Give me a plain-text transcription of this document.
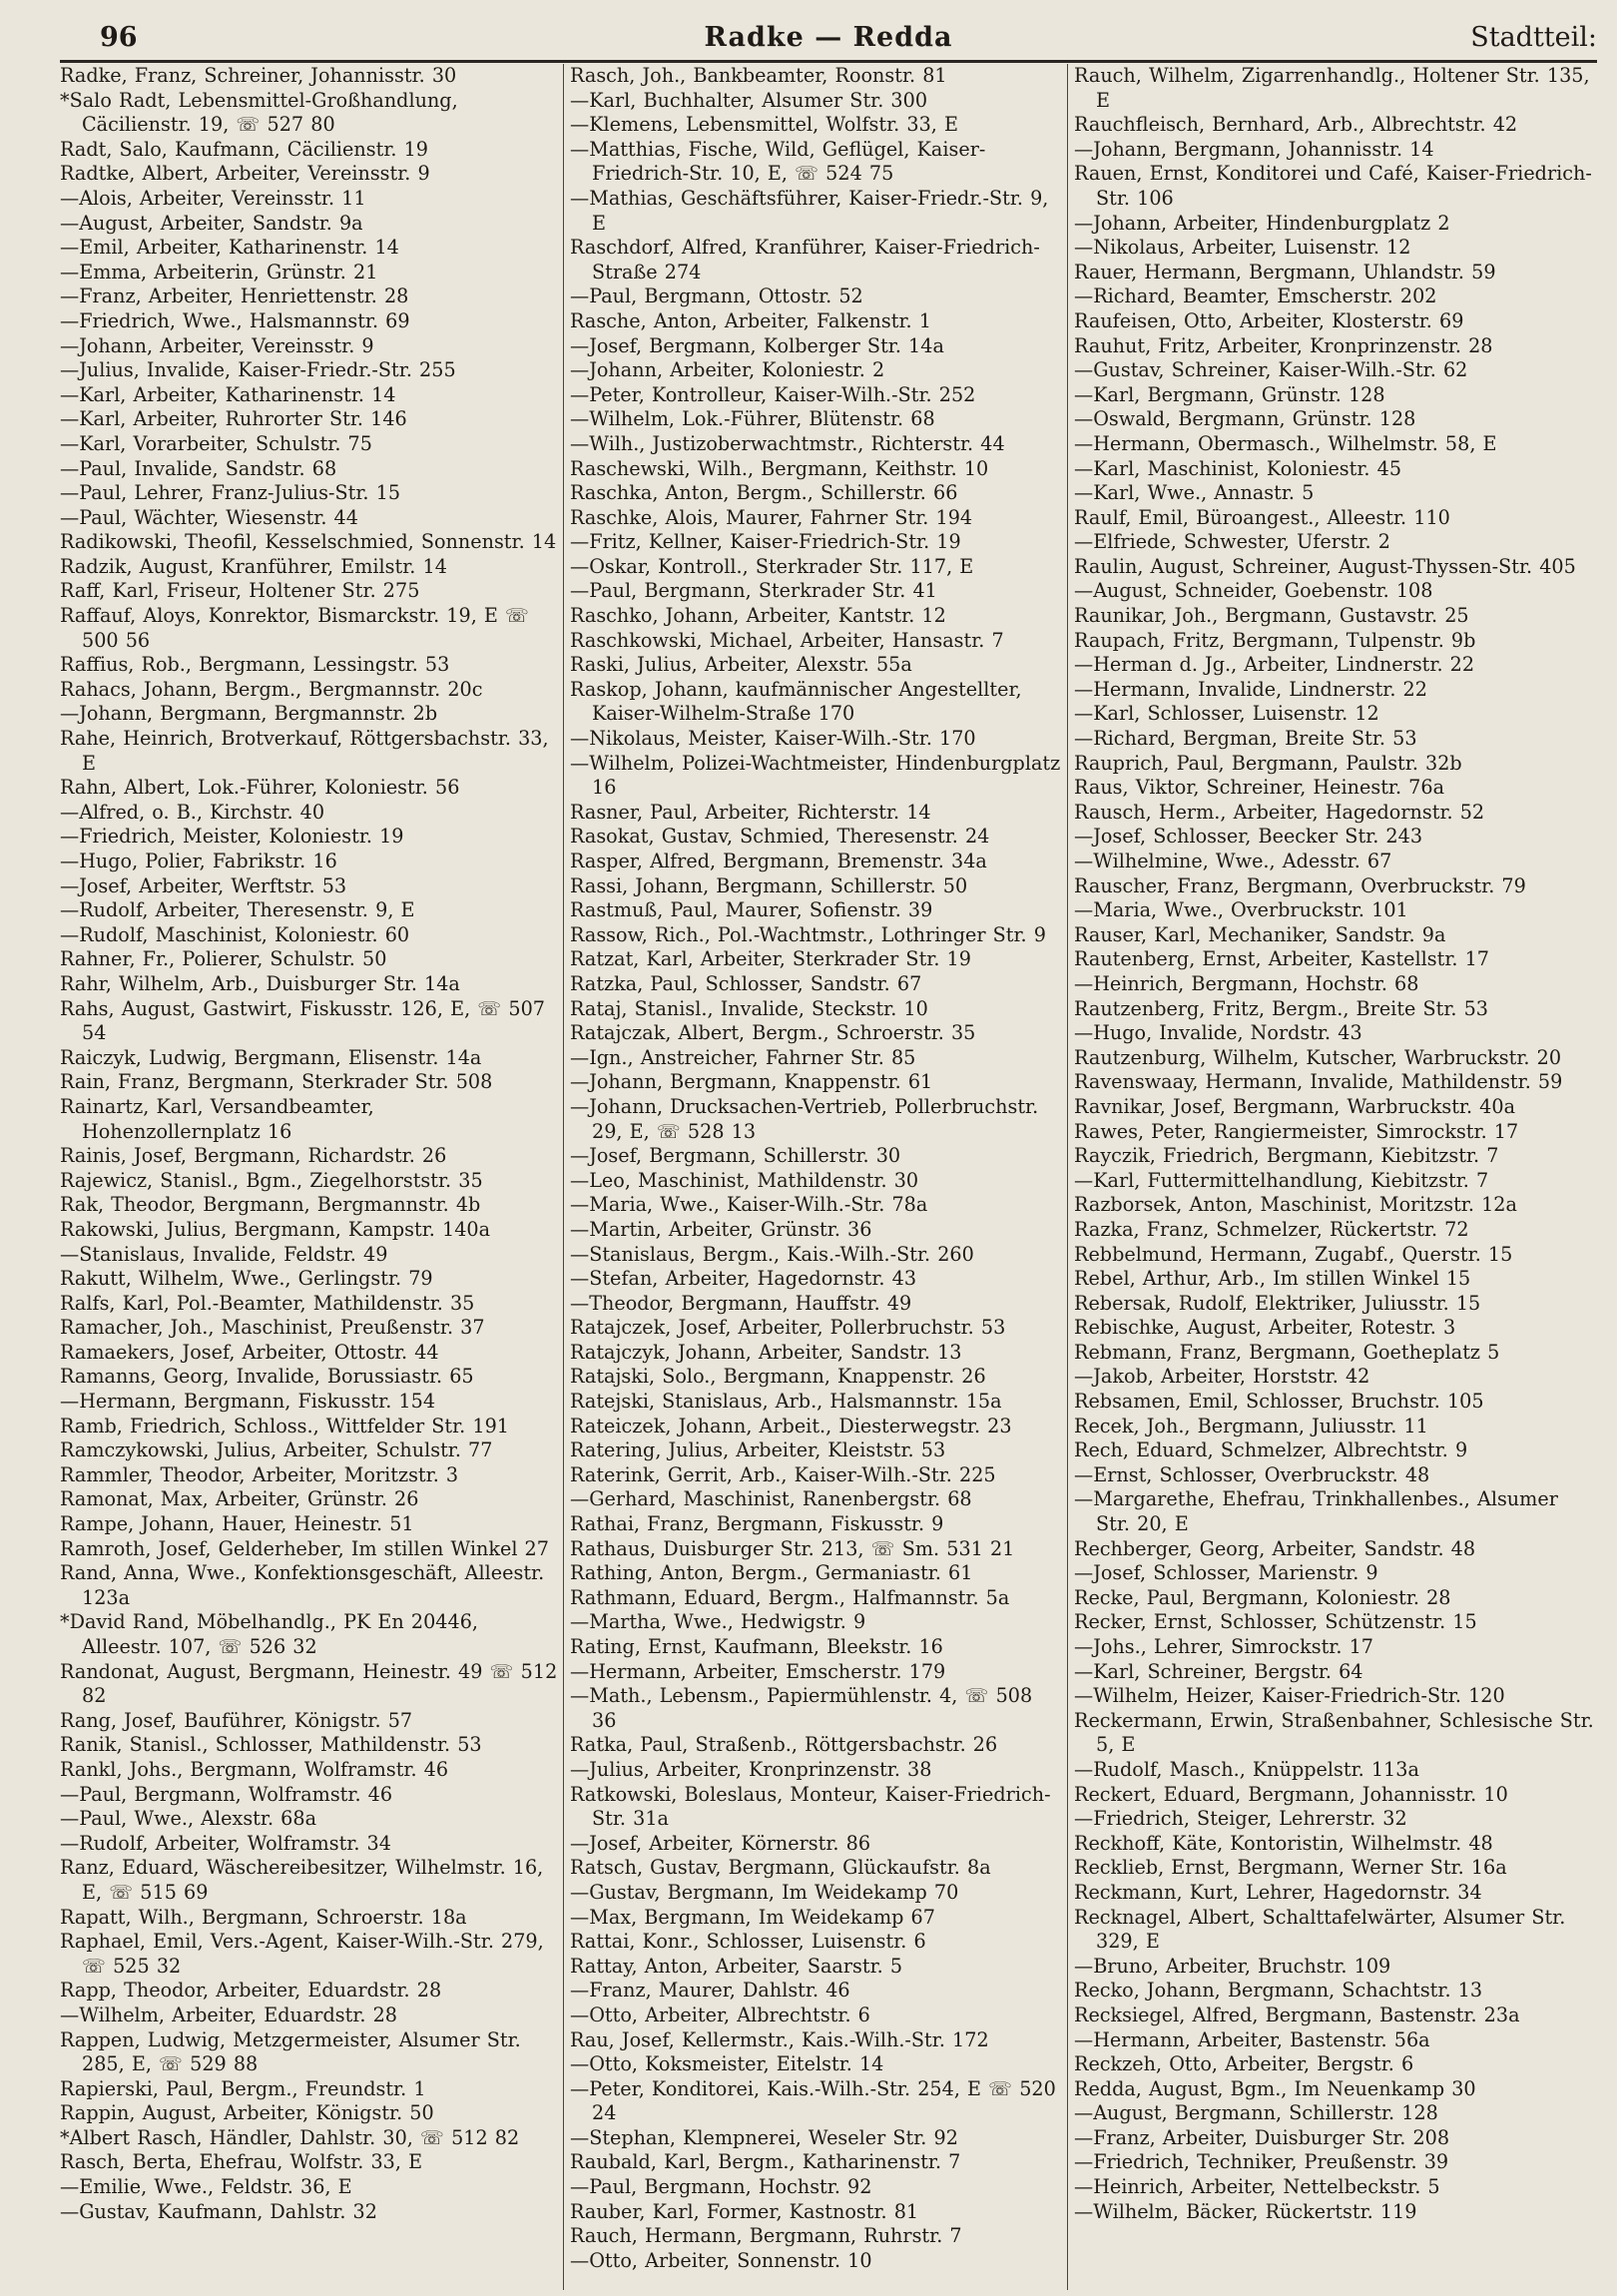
96	Radke — Redda	Stadtteil:
Radke, Franz, Schreiner, Johannisstr. 30
*Salo Radt, Lebensmittel-Großhandlung, Cäcilienstr. 19, ☏ 527 80
Radt, Salo, Kaufmann, Cäcilienstr. 19
Radtke, Albert, Arbeiter, Vereinsstr. 9
—Alois, Arbeiter, Vereinsstr. 11
—August, Arbeiter, Sandstr. 9a
—Emil, Arbeiter, Katharinenstr. 14
—Emma, Arbeiterin, Grünstr. 21
—Franz, Arbeiter, Henriettenstr. 28
—Friedrich, Wwe., Halsmannstr. 69
—Johann, Arbeiter, Vereinsstr. 9
—Julius, Invalide, Kaiser-Friedr.-Str. 255
—Karl, Arbeiter, Katharinenstr. 14
—Karl, Arbeiter, Ruhrorter Str. 146
—Karl, Vorarbeiter, Schulstr. 75
—Paul, Invalide, Sandstr. 68
—Paul, Lehrer, Franz-Julius-Str. 15
—Paul, Wächter, Wiesenstr. 44
Radikowski, Theofil, Kesselschmied, Sonnenstr. 14
Radzik, August, Kranführer, Emilstr. 14
Raff, Karl, Friseur, Holtener Str. 275
Raffauf, Aloys, Konrektor, Bismarckstr. 19, E ☏ 500 56
Raffius, Rob., Bergmann, Lessingstr. 53
Rahacs, Johann, Bergm., Bergmannstr. 20c
—Johann, Bergmann, Bergmannstr. 2b
Rahe, Heinrich, Brotverkauf, Röttgersbachstr. 33, E
Rahn, Albert, Lok.-Führer, Koloniestr. 56
—Alfred, o. B., Kirchstr. 40
—Friedrich, Meister, Koloniestr. 19
—Hugo, Polier, Fabrikstr. 16
—Josef, Arbeiter, Werftstr. 53
—Rudolf, Arbeiter, Theresenstr. 9, E
—Rudolf, Maschinist, Koloniestr. 60
Rahner, Fr., Polierer, Schulstr. 50
Rahr, Wilhelm, Arb., Duisburger Str. 14a
Rahs, August, Gastwirt, Fiskusstr. 126, E, ☏ 507 54
Raiczyk, Ludwig, Bergmann, Elisenstr. 14a
Rain, Franz, Bergmann, Sterkrader Str. 508
Rainartz, Karl, Versandbeamter, Hohenzollernplatz 16
Rainis, Josef, Bergmann, Richardstr. 26
Rajewicz, Stanisl., Bgm., Ziegelhorststr. 35
Rak, Theodor, Bergmann, Bergmannstr. 4b
Rakowski, Julius, Bergmann, Kampstr. 140a
—Stanislaus, Invalide, Feldstr. 49
Rakutt, Wilhelm, Wwe., Gerlingstr. 79
Ralfs, Karl, Pol.-Beamter, Mathildenstr. 35
Ramacher, Joh., Maschinist, Preußenstr. 37
Ramaekers, Josef, Arbeiter, Ottostr. 44
Ramanns, Georg, Invalide, Borussiastr. 65
—Hermann, Bergmann, Fiskusstr. 154
Ramb, Friedrich, Schloss., Wittfelder Str. 191
Ramczykowski, Julius, Arbeiter, Schulstr. 77
Rammler, Theodor, Arbeiter, Moritzstr. 3
Ramonat, Max, Arbeiter, Grünstr. 26
Rampe, Johann, Hauer, Heinestr. 51
Ramroth, Josef, Gelderheber, Im stillen Winkel 27
Rand, Anna, Wwe., Konfektionsgeschäft, Alleestr. 123a
*David Rand, Möbelhandlg., PK En 20446, Alleestr. 107, ☏ 526 32
Randonat, August, Bergmann, Heinestr. 49 ☏ 512 82
Rang, Josef, Bauführer, Königstr. 57
Ranik, Stanisl., Schlosser, Mathildenstr. 53
Rankl, Johs., Bergmann, Wolframstr. 46
—Paul, Bergmann, Wolframstr. 46
—Paul, Wwe., Alexstr. 68a
—Rudolf, Arbeiter, Wolframstr. 34
Ranz, Eduard, Wäschereibesitzer, Wilhelmstr. 16, E, ☏ 515 69
Rapatt, Wilh., Bergmann, Schroerstr. 18a
Raphael, Emil, Vers.-Agent, Kaiser-Wilh.-Str. 279, ☏ 525 32
Rapp, Theodor, Arbeiter, Eduardstr. 28
—Wilhelm, Arbeiter, Eduardstr. 28
Rappen, Ludwig, Metzgermeister, Alsumer Str. 285, E, ☏ 529 88
Rapierski, Paul, Bergm., Freundstr. 1
Rappin, August, Arbeiter, Königstr. 50
*Albert Rasch, Händler, Dahlstr. 30, ☏ 512 82
Rasch, Berta, Ehefrau, Wolfstr. 33, E
—Emilie, Wwe., Feldstr. 36, E
—Gustav, Kaufmann, Dahlstr. 32
Rasch, Joh., Bankbeamter, Roonstr. 81
—Karl, Buchhalter, Alsumer Str. 300
—Klemens, Lebensmittel, Wolfstr. 33, E
—Matthias, Fische, Wild, Geflügel, Kaiser-Friedrich-Str. 10, E, ☏ 524 75
—Mathias, Geschäftsführer, Kaiser-Friedr.-Str. 9, E
Raschdorf, Alfred, Kranführer, Kaiser-Friedrich-Straße 274
—Paul, Bergmann, Ottostr. 52
Rasche, Anton, Arbeiter, Falkenstr. 1
—Josef, Bergmann, Kolberger Str. 14a
—Johann, Arbeiter, Koloniestr. 2
—Peter, Kontrolleur, Kaiser-Wilh.-Str. 252
—Wilhelm, Lok.-Führer, Blütenstr. 68
—Wilh., Justizoberwachtmstr., Richterstr. 44
Raschewski, Wilh., Bergmann, Keithstr. 10
Raschka, Anton, Bergm., Schillerstr. 66
Raschke, Alois, Maurer, Fahrner Str. 194
—Fritz, Kellner, Kaiser-Friedrich-Str. 19
—Oskar, Kontroll., Sterkrader Str. 117, E
—Paul, Bergmann, Sterkrader Str. 41
Raschko, Johann, Arbeiter, Kantstr. 12
Raschkowski, Michael, Arbeiter, Hansastr. 7
Raski, Julius, Arbeiter, Alexstr. 55a
Raskop, Johann, kaufmännischer Angestellter, Kaiser-Wilhelm-Straße 170
—Nikolaus, Meister, Kaiser-Wilh.-Str. 170
—Wilhelm, Polizei-Wachtmeister, Hindenburgplatz 16
Rasner, Paul, Arbeiter, Richterstr. 14
Rasokat, Gustav, Schmied, Theresenstr. 24
Rasper, Alfred, Bergmann, Bremenstr. 34a
Rassi, Johann, Bergmann, Schillerstr. 50
Rastmuß, Paul, Maurer, Sofienstr. 39
Rassow, Rich., Pol.-Wachtmstr., Lothringer Str. 9
Ratzat, Karl, Arbeiter, Sterkrader Str. 19
Ratzka, Paul, Schlosser, Sandstr. 67
Rataj, Stanisl., Invalide, Steckstr. 10
Ratajczak, Albert, Bergm., Schroerstr. 35
—Ign., Anstreicher, Fahrner Str. 85
—Johann, Bergmann, Knappenstr. 61
—Johann, Drucksachen-Vertrieb, Pollerbruchstr. 29, E, ☏ 528 13
—Josef, Bergmann, Schillerstr. 30
—Leo, Maschinist, Mathildenstr. 30
—Maria, Wwe., Kaiser-Wilh.-Str. 78a
—Martin, Arbeiter, Grünstr. 36
—Stanislaus, Bergm., Kais.-Wilh.-Str. 260
—Stefan, Arbeiter, Hagedornstr. 43
—Theodor, Bergmann, Hauffstr. 49
Ratajczek, Josef, Arbeiter, Pollerbruchstr. 53
Ratajczyk, Johann, Arbeiter, Sandstr. 13
Ratajski, Solo., Bergmann, Knappenstr. 26
Ratejski, Stanislaus, Arb., Halsmannstr. 15a
Rateiczek, Johann, Arbeit., Diesterwegstr. 23
Ratering, Julius, Arbeiter, Kleiststr. 53
Raterink, Gerrit, Arb., Kaiser-Wilh.-Str. 225
—Gerhard, Maschinist, Ranenbergstr. 68
Rathai, Franz, Bergmann, Fiskusstr. 9
Rathaus, Duisburger Str. 213, ☏ Sm. 531 21
Rathing, Anton, Bergm., Germaniastr. 61
Rathmann, Eduard, Bergm., Halfmannstr. 5a
—Martha, Wwe., Hedwigstr. 9
Rating, Ernst, Kaufmann, Bleekstr. 16
—Hermann, Arbeiter, Emscherstr. 179
—Math., Lebensm., Papiermühlenstr. 4, ☏ 508 36
Ratka, Paul, Straßenb., Röttgersbachstr. 26
—Julius, Arbeiter, Kronprinzenstr. 38
Ratkowski, Boleslaus, Monteur, Kaiser-Friedrich-Str. 31a
—Josef, Arbeiter, Körnerstr. 86
Ratsch, Gustav, Bergmann, Glückaufstr. 8a
—Gustav, Bergmann, Im Weidekamp 70
—Max, Bergmann, Im Weidekamp 67
Rattai, Konr., Schlosser, Luisenstr. 6
Rattay, Anton, Arbeiter, Saarstr. 5
—Franz, Maurer, Dahlstr. 46
—Otto, Arbeiter, Albrechtstr. 6
Rau, Josef, Kellermstr., Kais.-Wilh.-Str. 172
—Otto, Koksmeister, Eitelstr. 14
—Peter, Konditorei, Kais.-Wilh.-Str. 254, E ☏ 520 24
—Stephan, Klempnerei, Weseler Str. 92
Raubald, Karl, Bergm., Katharinenstr. 7
—Paul, Bergmann, Hochstr. 92
Rauber, Karl, Former, Kastnostr. 81
Rauch, Hermann, Bergmann, Ruhrstr. 7
—Otto, Arbeiter, Sonnenstr. 10
Rauch, Wilhelm, Zigarrenhandlg., Holtener Str. 135, E
Rauchfleisch, Bernhard, Arb., Albrechtstr. 42
—Johann, Bergmann, Johannisstr. 14
Rauen, Ernst, Konditorei und Café, Kaiser-Friedrich-Str. 106
—Johann, Arbeiter, Hindenburgplatz 2
—Nikolaus, Arbeiter, Luisenstr. 12
Rauer, Hermann, Bergmann, Uhlandstr. 59
—Richard, Beamter, Emscherstr. 202
Raufeisen, Otto, Arbeiter, Klosterstr. 69
Rauhut, Fritz, Arbeiter, Kronprinzenstr. 28
—Gustav, Schreiner, Kaiser-Wilh.-Str. 62
—Karl, Bergmann, Grünstr. 128
—Oswald, Bergmann, Grünstr. 128
—Hermann, Obermasch., Wilhelmstr. 58, E
—Karl, Maschinist, Koloniestr. 45
—Karl, Wwe., Annastr. 5
Raulf, Emil, Büroangest., Alleestr. 110
—Elfriede, Schwester, Uferstr. 2
Raulin, August, Schreiner, August-Thyssen-Str. 405
—August, Schneider, Goebenstr. 108
Raunikar, Joh., Bergmann, Gustavstr. 25
Raupach, Fritz, Bergmann, Tulpenstr. 9b
—Herman d. Jg., Arbeiter, Lindnerstr. 22
—Hermann, Invalide, Lindnerstr. 22
—Karl, Schlosser, Luisenstr. 12
—Richard, Bergman, Breite Str. 53
Rauprich, Paul, Bergmann, Paulstr. 32b
Raus, Viktor, Schreiner, Heinestr. 76a
Rausch, Herm., Arbeiter, Hagedornstr. 52
—Josef, Schlosser, Beecker Str. 243
—Wilhelmine, Wwe., Adesstr. 67
Rauscher, Franz, Bergmann, Overbruckstr. 79
—Maria, Wwe., Overbruckstr. 101
Rauser, Karl, Mechaniker, Sandstr. 9a
Rautenberg, Ernst, Arbeiter, Kastellstr. 17
—Heinrich, Bergmann, Hochstr. 68
Rautzenberg, Fritz, Bergm., Breite Str. 53
—Hugo, Invalide, Nordstr. 43
Rautzenburg, Wilhelm, Kutscher, Warbruckstr. 20
Ravenswaay, Hermann, Invalide, Mathildenstr. 59
Ravnikar, Josef, Bergmann, Warbruckstr. 40a
Rawes, Peter, Rangiermeister, Simrockstr. 17
Rayczik, Friedrich, Bergmann, Kiebitzstr. 7
—Karl, Futtermittelhandlung, Kiebitzstr. 7
Razborsek, Anton, Maschinist, Moritzstr. 12a
Razka, Franz, Schmelzer, Rückertstr. 72
Rebbelmund, Hermann, Zugabf., Querstr. 15
Rebel, Arthur, Arb., Im stillen Winkel 15
Rebersak, Rudolf, Elektriker, Juliusstr. 15
Rebischke, August, Arbeiter, Rotestr. 3
Rebmann, Franz, Bergmann, Goetheplatz 5
—Jakob, Arbeiter, Horststr. 42
Rebsamen, Emil, Schlosser, Bruchstr. 105
Recek, Joh., Bergmann, Juliusstr. 11
Rech, Eduard, Schmelzer, Albrechtstr. 9
—Ernst, Schlosser, Overbruckstr. 48
—Margarethe, Ehefrau, Trinkhallenbes., Alsumer Str. 20, E
Rechberger, Georg, Arbeiter, Sandstr. 48
—Josef, Schlosser, Marienstr. 9
Recke, Paul, Bergmann, Koloniestr. 28
Recker, Ernst, Schlosser, Schützenstr. 15
—Johs., Lehrer, Simrockstr. 17
—Karl, Schreiner, Bergstr. 64
—Wilhelm, Heizer, Kaiser-Friedrich-Str. 120
Reckermann, Erwin, Straßenbahner, Schlesische Str. 5, E
—Rudolf, Masch., Knüppelstr. 113a
Reckert, Eduard, Bergmann, Johannisstr. 10
—Friedrich, Steiger, Lehrerstr. 32
Reckhoff, Käte, Kontoristin, Wilhelmstr. 48
Recklieb, Ernst, Bergmann, Werner Str. 16a
Reckmann, Kurt, Lehrer, Hagedornstr. 34
Recknagel, Albert, Schalttafelwärter, Alsumer Str. 329, E
—Bruno, Arbeiter, Bruchstr. 109
Recko, Johann, Bergmann, Schachtstr. 13
Recksiegel, Alfred, Bergmann, Bastenstr. 23a
—Hermann, Arbeiter, Bastenstr. 56a
Reckzeh, Otto, Arbeiter, Bergstr. 6
Redda, August, Bgm., Im Neuenkamp 30
—August, Bergmann, Schillerstr. 128
—Franz, Arbeiter, Duisburger Str. 208
—Friedrich, Techniker, Preußenstr. 39
—Heinrich, Arbeiter, Nettelbeckstr. 5
—Wilhelm, Bäcker, Rückertstr. 119
